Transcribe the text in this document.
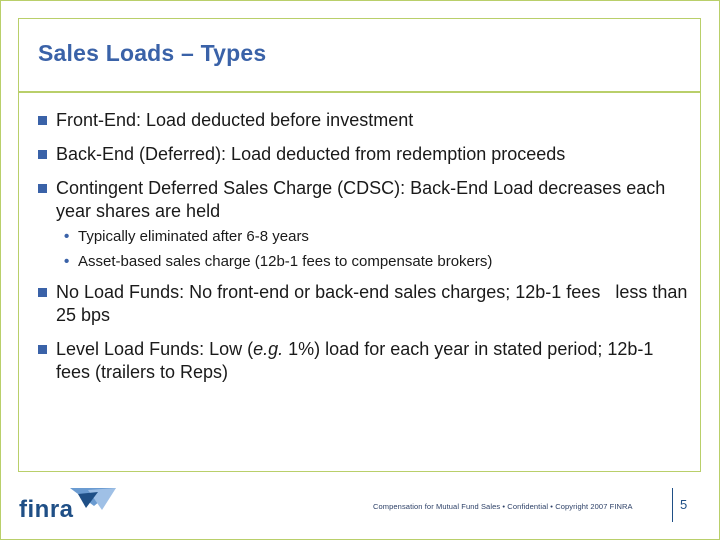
Sales Loads – Types
Front-End: Load deducted before investment
Back-End (Deferred): Load deducted from redemption proceeds
Contingent Deferred Sales Charge (CDSC): Back-End Load decreases each year shares are held
• Typically eliminated after 6-8 years
• Asset-based sales charge (12b-1 fees to compensate brokers)
No Load Funds: No front-end or back-end sales charges; 12b-1 fees   less than 25 bps
Level Load Funds: Low (e.g. 1%) load for each year in stated period; 12b-1 fees (trailers to Reps)
finra	Compensation for Mutual Fund Sales • Confidential • Copyright 2007 FINRA	5
